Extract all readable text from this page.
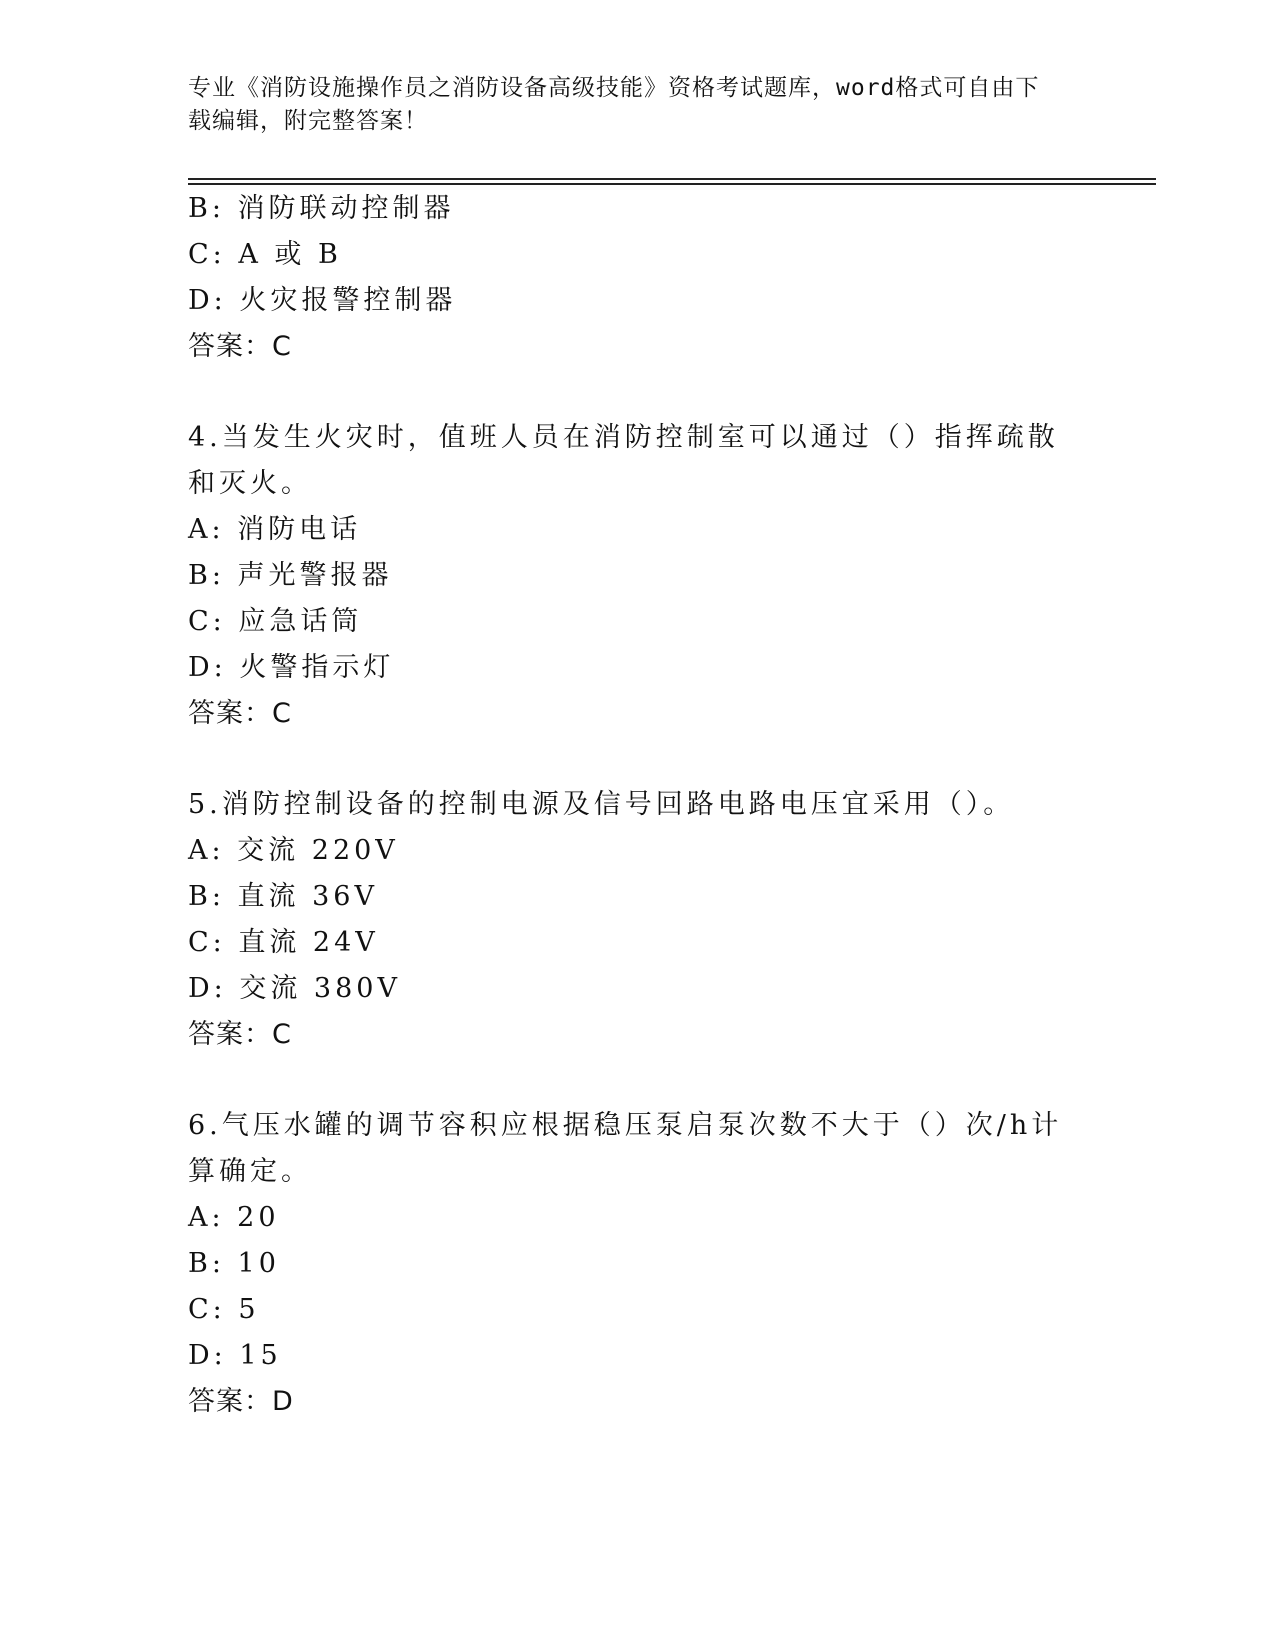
专业《消防设施操作员之消防设备高级技能》资格考试题库，word格式可自由下
载编辑，附完整答案！
B: 消防联动控制器
C: A 或 B
D: 火灾报警控制器
答案：C
4.当发生火灾时，值班人员在消防控制室可以通过（）指挥疏散和灭火。
A: 消防电话
B: 声光警报器
C: 应急话筒
D: 火警指示灯
答案：C
5.消防控制设备的控制电源及信号回路电路电压宜采用（）。
A: 交流 220V
B: 直流 36V
C: 直流 24V
D: 交流 380V
答案：C
6.气压水罐的调节容积应根据稳压泵启泵次数不大于（）次/h计算确定。
A: 20
B: 10
C: 5
D: 15
答案：D
